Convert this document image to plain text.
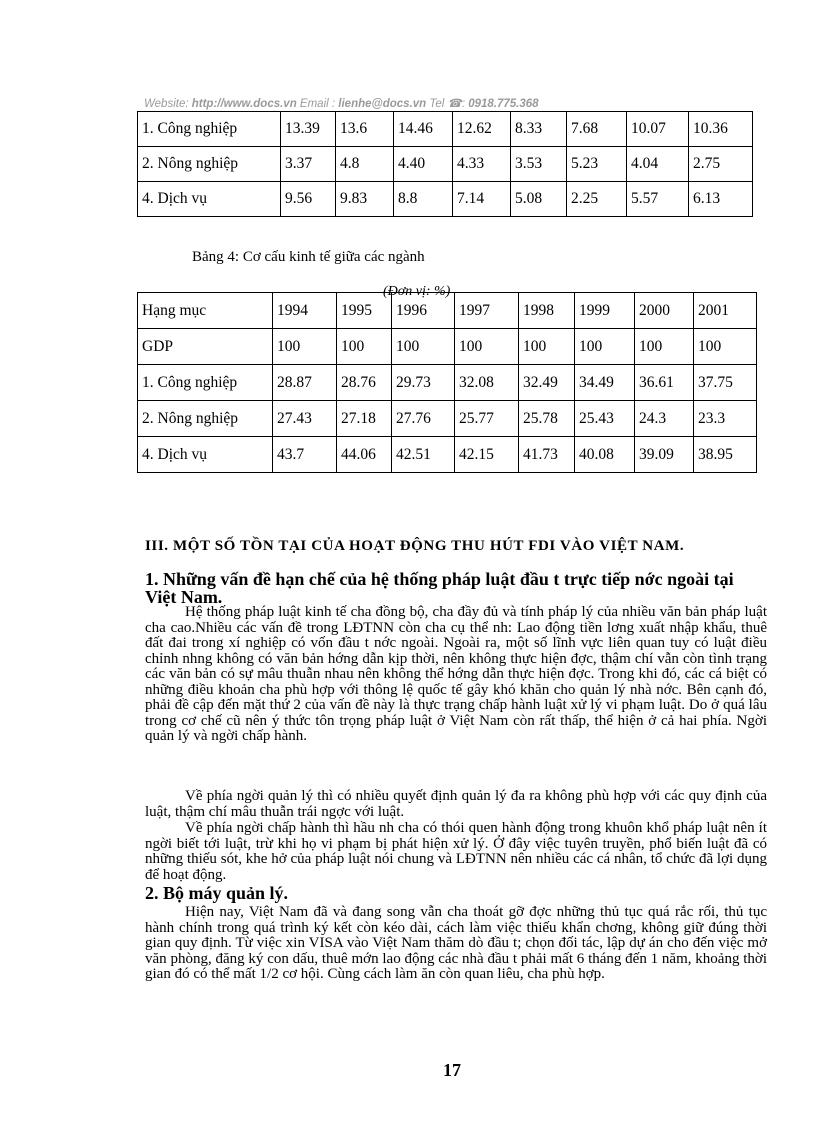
Website: http://www.docs.vn Email : lienhe@docs.vn Tel ☎: 0918.775.368
1. Công nghiệp	13.39	13.6	14.46	12.62	8.33	7.68	10.07	10.36
2. Nông nghiệp	3.37	4.8	4.40	4.33	3.53	5.23	4.04	2.75
4. Dịch vụ	9.56	9.83	8.8	7.14	5.08	2.25	5.57	6.13
Bảng 4: Cơ cấu kinh tế giữa các ngành
(Đơn vị: %)
Hạng mục	1994	1995	1996	1997	1998	1999	2000	2001
GDP	100	100	100	100	100	100	100	100
1. Công nghiệp	28.87	28.76	29.73	32.08	32.49	34.49	36.61	37.75
2. Nông nghiệp	27.43	27.18	27.76	25.77	25.78	25.43	24.3	23.3
4. Dịch vụ	43.7	44.06	42.51	42.15	41.73	40.08	39.09	38.95
III. MỘT SỐ TỒN TẠI CỦA HOẠT ĐỘNG THU HÚT FDI VÀO VIỆT NAM.
1. Những vấn đề hạn chế của hệ thống pháp luật đầu t trực tiếp nớc ngoài tại Việt Nam.

Hệ thống pháp luật kinh tế cha đồng bộ, cha đầy đủ và tính pháp lý của nhiều văn bản pháp luật cha cao.Nhiều các vấn đề trong LĐTNN còn cha cụ thể nh: Lao động tiền lơng xuất nhập khẩu, thuê đất đai trong xí nghiệp có vốn đầu t nớc ngoài. Ngoài ra, một số lĩnh vực liên quan tuy có luật điều chỉnh nhng không có văn bản hớng dẫn kịp thời, nên không thực hiện đợc, thậm chí vẫn còn tình trạng các văn bản có sự mâu thuẫn nhau nên không thể hớng dẫn thực hiện đợc. Trong khi đó, các cá biệt có những điều khoản cha phù hợp với thông lệ quốc tế gây khó khăn cho quản lý nhà nớc. Bên cạnh đó, phải đề cập đến mặt thứ 2 của vấn đề này là thực trạng chấp hành luật xử lý vi phạm luật. Do ở quá lâu trong cơ chế cũ nên ý thức tôn trọng pháp luật ở Việt Nam còn rất thấp, thể hiện ở cả hai phía. Ngời quản lý và ngời chấp hành.

Về phía ngời quản lý thì có nhiều quyết định quản lý đa ra không phù hợp với các quy định của luật, thậm chí mâu thuẫn trái ngợc với luật.

Về phía ngời chấp hành thì hầu nh cha có thói quen hành động trong khuôn khổ pháp luật nên ít ngời biết tới luật, trừ khi họ vi phạm bị phát hiện xử lý. Ở đây việc tuyên truyền, phổ biến luật đã có những thiếu sót, khe hở của pháp luật nói chung và LĐTNN nên nhiều các cá nhân, tổ chức đã lợi dụng để hoạt động.

2. Bộ máy quản lý.

Hiện nay, Việt Nam đã và đang song vẫn cha thoát gỡ đợc những thủ tục quá rắc rối, thủ tục hành chính trong quá trình ký kết còn kéo dài, cách làm việc thiếu khẩn chơng, không giữ đúng thời gian quy định. Từ việc xin VISA vào Việt Nam thăm dò đầu t; chọn đối tác, lập dự án cho đến việc mở văn phòng, đăng ký con dấu, thuê mớn lao động các nhà đầu t phải mất 6 tháng đến 1 năm, khoảng thời gian đó có thể mất 1/2 cơ hội. Cùng cách làm ăn còn quan liêu, cha phù hợp.

17
